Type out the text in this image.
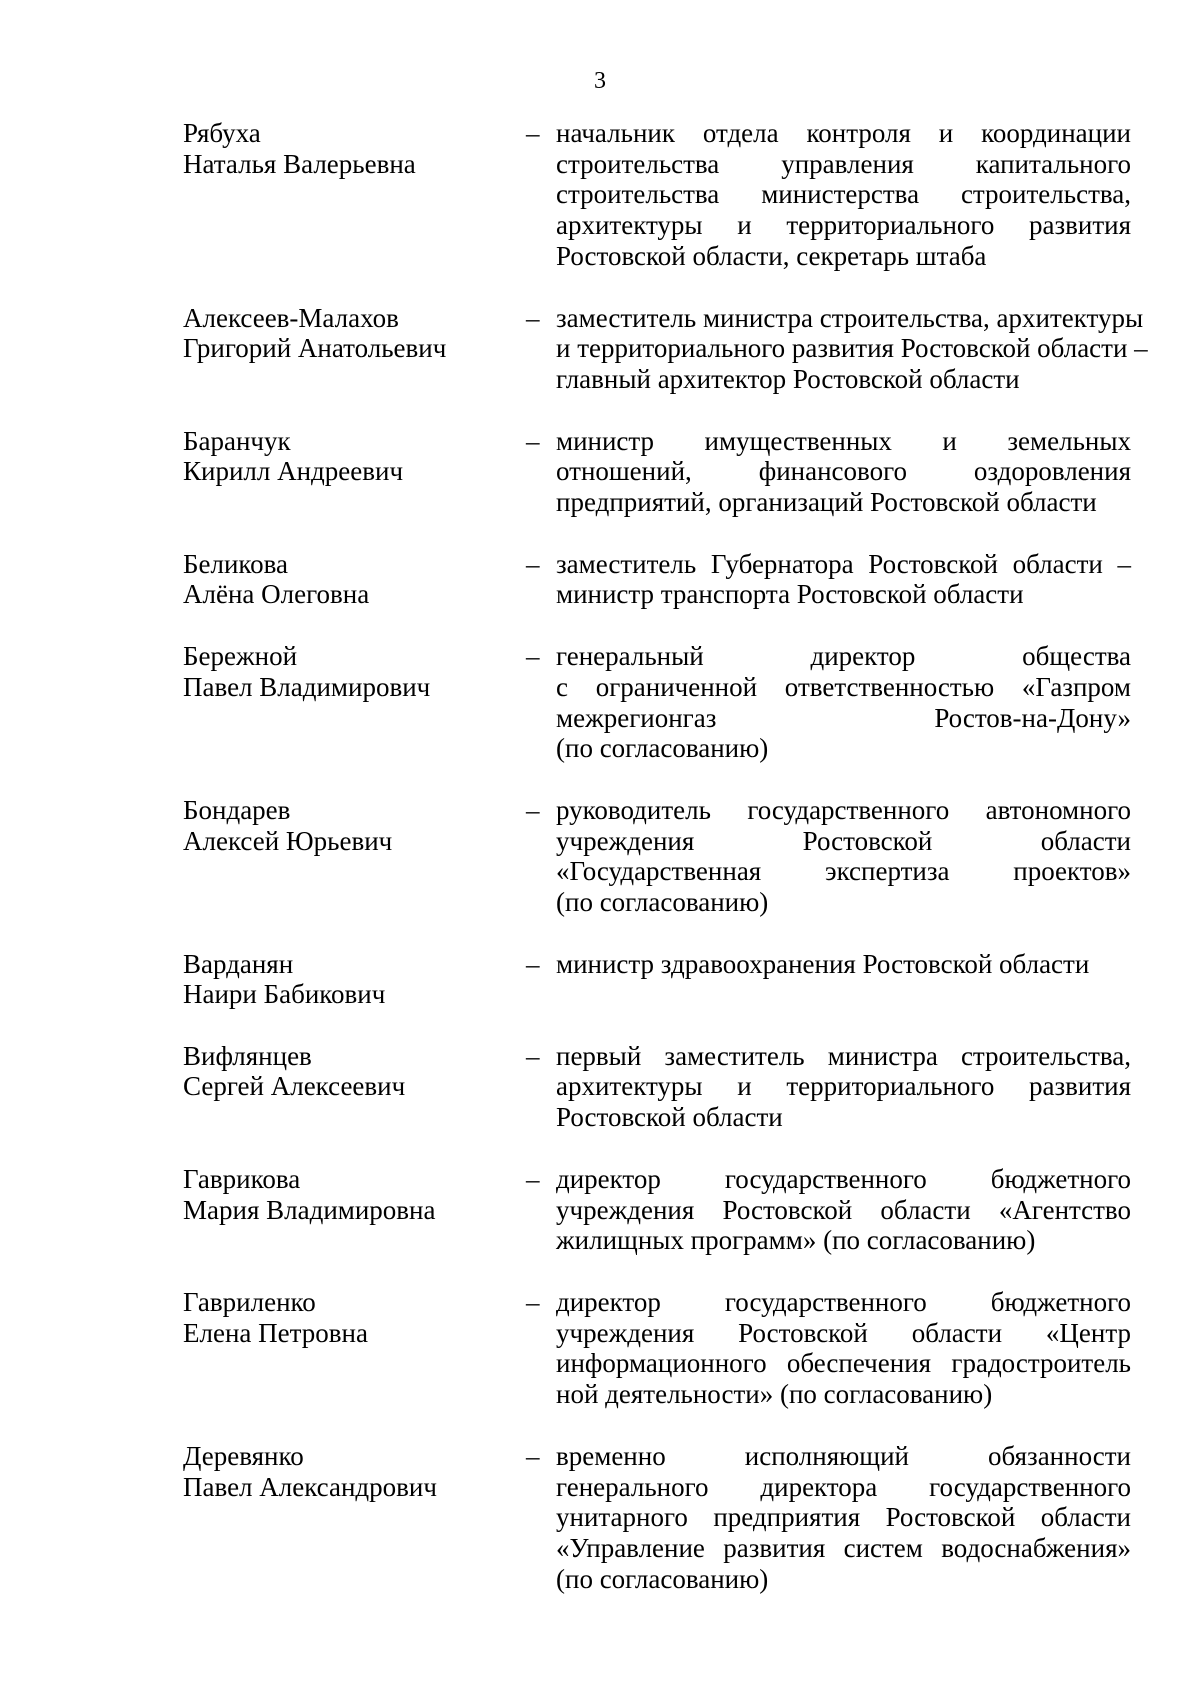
3
Рябуха
Наталья Валерьевна
– начальник отдела контроля и координации
строительства управления капитального
строительства министерства строительства,
архитектуры и территориального развития
Ростовской области, секретарь штаба
Алексеев-Малахов
Григорий Анатольевич
– заместитель министра строительства, архитектуры
и территориального развития Ростовской области –
главный архитектор Ростовской области
Баранчук
Кирилл Андреевич
– министр имущественных и земельных
отношений, финансового оздоровления
предприятий, организаций Ростовской области
Беликова
Алёна Олеговна
– заместитель Губернатора Ростовской области –
министр транспорта Ростовской области
Бережной
Павел Владимирович
– генеральный директор общества
с ограниченной ответственностью «Газпром
межрегионгаз Ростов-на-Дону»
(по согласованию)
Бондарев
Алексей Юрьевич
– руководитель государственного автономного
учреждения Ростовской области
«Государственная экспертиза проектов»
(по согласованию)
Варданян
Наири Бабикович
– министр здравоохранения Ростовской области
Вифлянцев
Сергей Алексеевич
– первый заместитель министра строительства,
архитектуры и территориального развития
Ростовской области
Гаврикова
Мария Владимировна
– директор государственного бюджетного
учреждения Ростовской области «Агентство
жилищных программ» (по согласованию)
Гавриленко
Елена Петровна
– директор государственного бюджетного
учреждения Ростовской области «Центр
информационного обеспечения градостроитель
ной деятельности» (по согласованию)
Деревянко
Павел Александрович
– временно исполняющий обязанности
генерального директора государственного
унитарного предприятия Ростовской области
«Управление развития систем водоснабжения»
(по согласованию)
